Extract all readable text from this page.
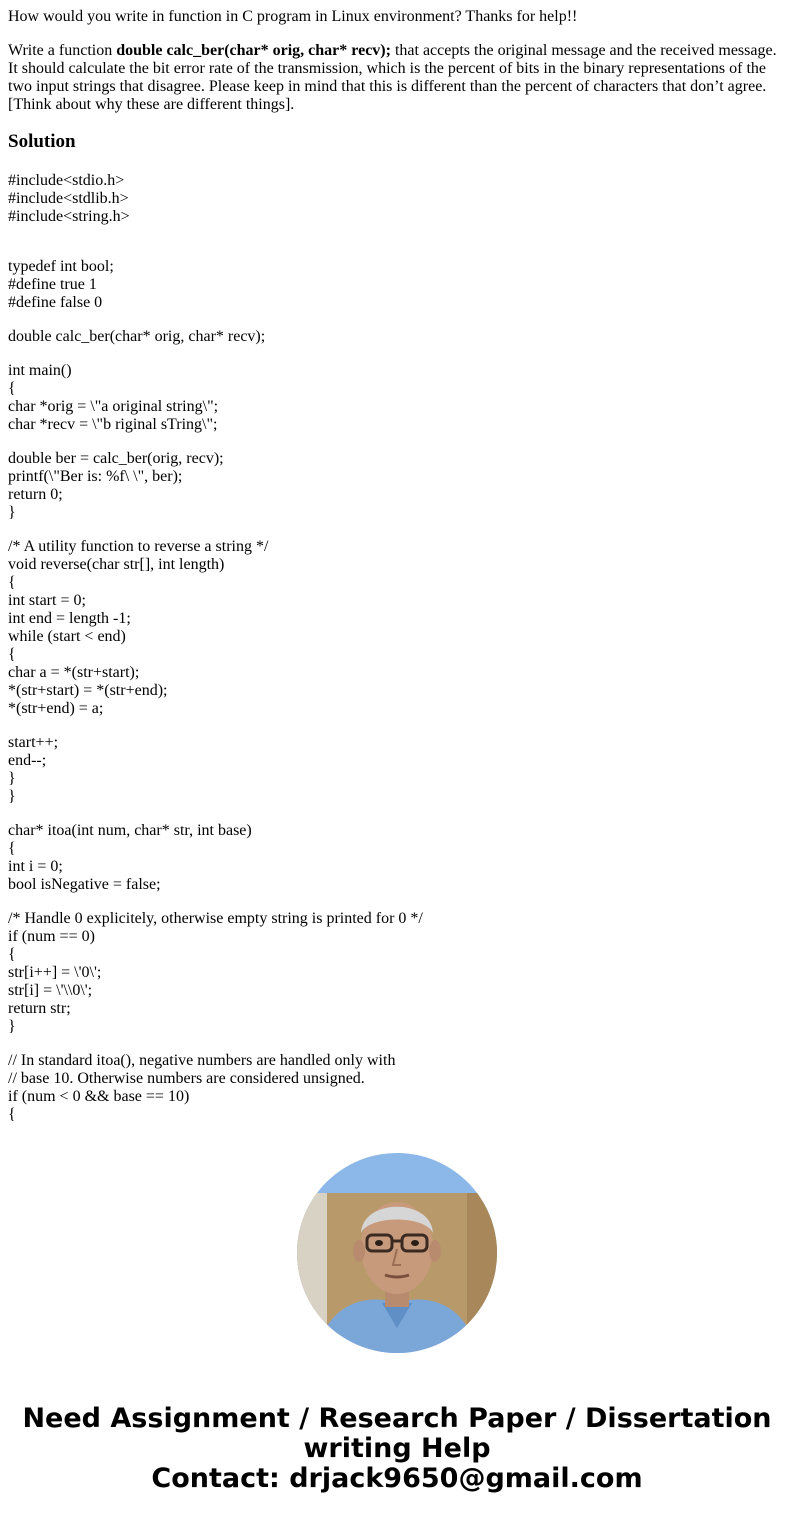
How would you write in function in C program in Linux environment? Thanks for help!!
Write a function double calc_ber(char* orig, char* recv); that accepts the original message and the received message. It should calculate the bit error rate of the transmission, which is the percent of bits in the binary representations of the two input strings that disagree. Please keep in mind that this is different than the percent of characters that don’t agree. [Think about why these are different things].
Solution
#include<stdio.h>
#include<stdlib.h>
#include<string.h>
typedef int bool;
#define true 1
#define false 0
double calc_ber(char* orig, char* recv);
int main()
{
char *orig = \"a original string\";
char *recv = \"b riginal sTring\";
double ber = calc_ber(orig, recv);
printf(\"Ber is: %f\ \", ber);
return 0;
}
/* A utility function to reverse a string */
void reverse(char str[], int length)
{
int start = 0;
int end = length -1;
while (start < end)
{
char a = *(str+start);
*(str+start) = *(str+end);
*(str+end) = a;
start++;
end--;
}
}
char* itoa(int num, char* str, int base)
{
int i = 0;
bool isNegative = false;
/* Handle 0 explicitely, otherwise empty string is printed for 0 */
if (num == 0)
{
str[i++] = \'0\';
str[i] = \'\\0\';
return str;
}
// In standard itoa(), negative numbers are handled only with
// base 10. Otherwise numbers are considered unsigned.
if (num < 0 && base == 10)
{
Need Assignment / Research Paper / Dissertation
writing Help
Contact: drjack9650@gmail.com
